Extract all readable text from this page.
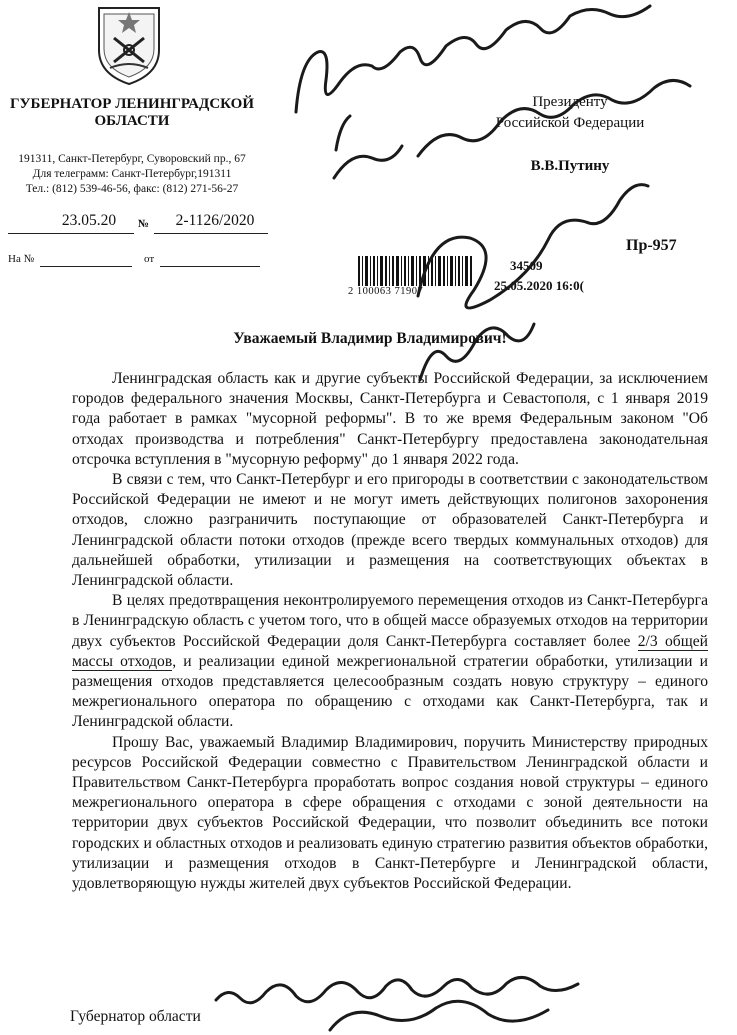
ГУБЕРНАТОР ЛЕНИНГРАДСКОЙ ОБЛАСТИ
191311, Санкт-Петербург, Суворовский пр., 67
Для телеграмм: Санкт-Петербург,191311
Тел.: (812) 539-46-56, факс: (812) 271-56-27
23.05.20	№	2-1126/2020
На №	от
Президенту
Российской Федерации
В.В.Путину
Пр-957
2 100063 71907
34509
25.05.2020 16:0(
Уважаемый Владимир Владимирович!

Ленинградская область как и другие субъекты Российской Федерации, за исключением городов федерального значения Москвы, Санкт-Петербурга и Севастополя, с 1 января 2019 года работает в рамках "мусорной реформы". В то же время Федеральным законом "Об отходах производства и потребления" Санкт-Петербургу предоставлена законодательная отсрочка вступления в "мусорную реформу" до 1 января 2022 года.

В связи с тем, что Санкт-Петербург и его пригороды в соответствии с законодательством Российской Федерации не имеют и не могут иметь действующих полигонов захоронения отходов, сложно разграничить поступающие от образователей Санкт-Петербурга и Ленинградской области потоки отходов (прежде всего твердых коммунальных отходов) для дальнейшей обработки, утилизации и размещения на соответствующих объектах в Ленинградской области.

В целях предотвращения неконтролируемого перемещения отходов из Санкт-Петербурга в Ленинградскую область с учетом того, что в общей массе образуемых отходов на территории двух субъектов Российской Федерации доля Санкт-Петербурга составляет более 2/3 общей массы отходов, и реализации единой межрегиональной стратегии обработки, утилизации и размещения отходов представляется целесообразным создать новую структуру – единого межрегионального оператора по обращению с отходами как Санкт-Петербурга, так и Ленинградской области.

Прошу Вас, уважаемый Владимир Владимирович, поручить Министерству природных ресурсов Российской Федерации совместно с Правительством Ленинградской области и Правительством Санкт-Петербурга проработать вопрос создания новой структуры – единого межрегионального оператора в сфере обращения с отходами с зоной деятельности на территории двух субъектов Российской Федерации, что позволит объединить все потоки городских и областных отходов и реализовать единую стратегию развития объектов обработки, утилизации и размещения отходов в Санкт-Петербурге и Ленинградской области, удовлетворяющую нужды жителей двух субъектов Российской Федерации.

Губернатор области
